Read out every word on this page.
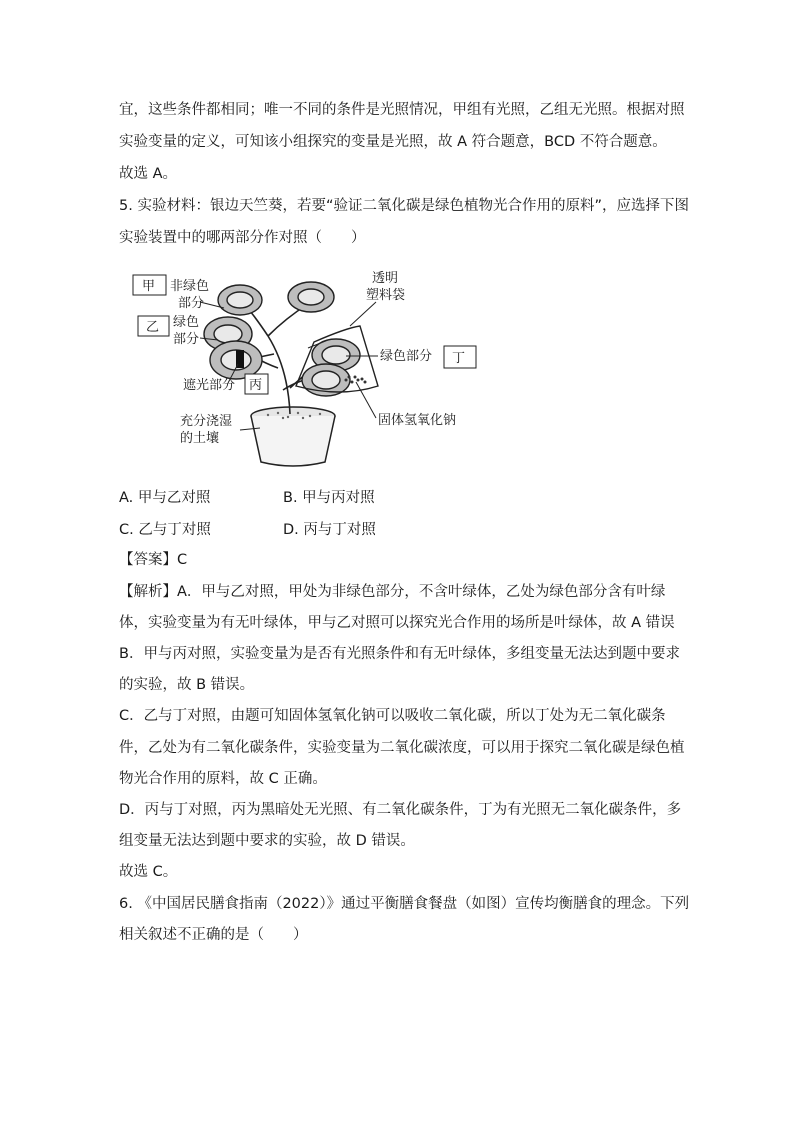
宜，这些条件都相同；唯一不同的条件是光照情况，甲组有光照，乙组无光照。根据对照
实验变量的定义，可知该小组探究的变量是光照，故 A 符合题意，BCD 不符合题意。
故选 A。
5. 实验材料：银边天竺葵，若要“验证二氧化碳是绿色植物光合作用的原料”，应选择下图
实验装置中的哪两部分作对照（　　）
甲
乙
丙
丁
非绿色
部分
绿色
部分
遮光部分
透明
塑料袋
绿色部分
充分浇湿
的土壤
固体氢氧化钠
A. 甲与乙对照	B. 甲与丙对照
C. 乙与丁对照	D. 丙与丁对照
【答案】C
【解析】A．甲与乙对照，甲处为非绿色部分，不含叶绿体，乙处为绿色部分含有叶绿
体，实验变量为有无叶绿体，甲与乙对照可以探究光合作用的场所是叶绿体，故 A 错误
B．甲与丙对照，实验变量为是否有光照条件和有无叶绿体，多组变量无法达到题中要求
的实验，故 B 错误。
C．乙与丁对照，由题可知固体氢氧化钠可以吸收二氧化碳，所以丁处为无二氧化碳条
件，乙处为有二氧化碳条件，实验变量为二氧化碳浓度，可以用于探究二氧化碳是绿色植
物光合作用的原料，故 C 正确。
D．丙与丁对照，丙为黑暗处无光照、有二氧化碳条件，丁为有光照无二氧化碳条件，多
组变量无法达到题中要求的实验，故 D 错误。
故选 C。
6. 《中国居民膳食指南（2022）》通过平衡膳食餐盘（如图）宣传均衡膳食的理念。下列
相关叙述不正确的是（　　）
